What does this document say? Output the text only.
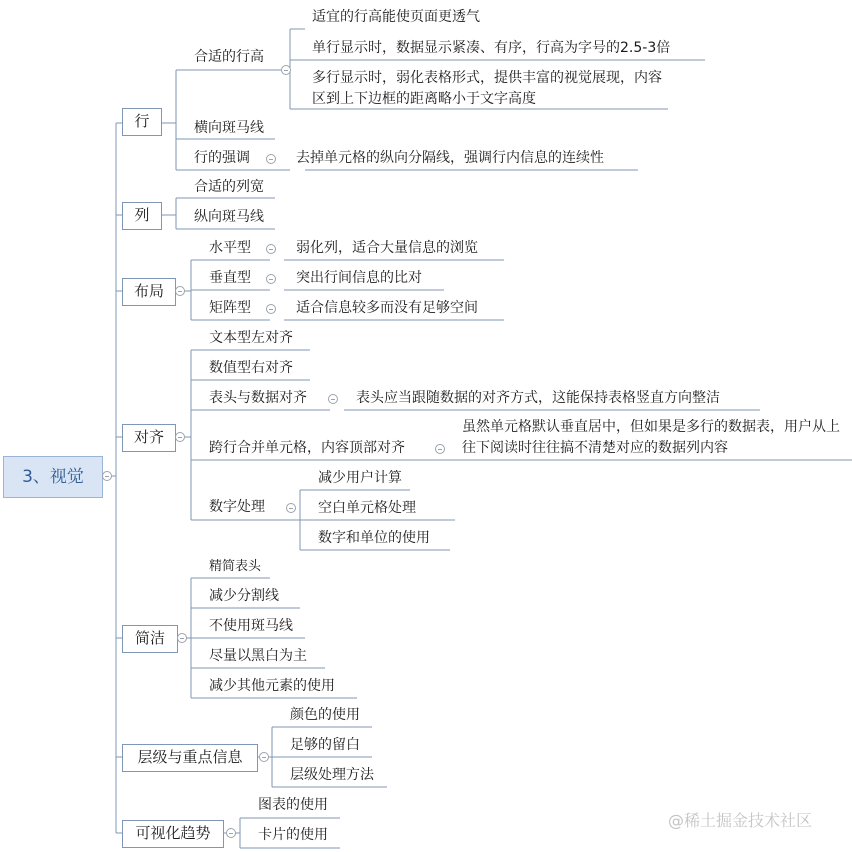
3、视觉
行
合适的行高
适宜的行高能使页面更透气
单行显示时，数据显示紧凑、有序，行高为字号的2.5-3倍
多行显示时，弱化表格形式，提供丰富的视觉展现，内容区到上下边框的距离略小于文字高度
横向斑马线
行的强调	去掉单元格的纵向分隔线，强调行内信息的连续性
列
合适的列宽
纵向斑马线
布局
水平型	弱化列，适合大量信息的浏览
垂直型	突出行间信息的比对
矩阵型	适合信息较多而没有足够空间
对齐
文本型左对齐
数值型右对齐
表头与数据对齐	表头应当跟随数据的对齐方式，这能保持表格竖直方向整洁
跨行合并单元格，内容顶部对齐
虽然单元格默认垂直居中，但如果是多行的数据表，用户从上往下阅读时往往搞不清楚对应的数据列内容
数字处理
减少用户计算
空白单元格处理
数字和单位的使用
简洁
精简表头
减少分割线
不使用斑马线
尽量以黑白为主
减少其他元素的使用
层级与重点信息
颜色的使用
足够的留白
层级处理方法
可视化趋势
图表的使用
卡片的使用
@稀土掘金技术社区
